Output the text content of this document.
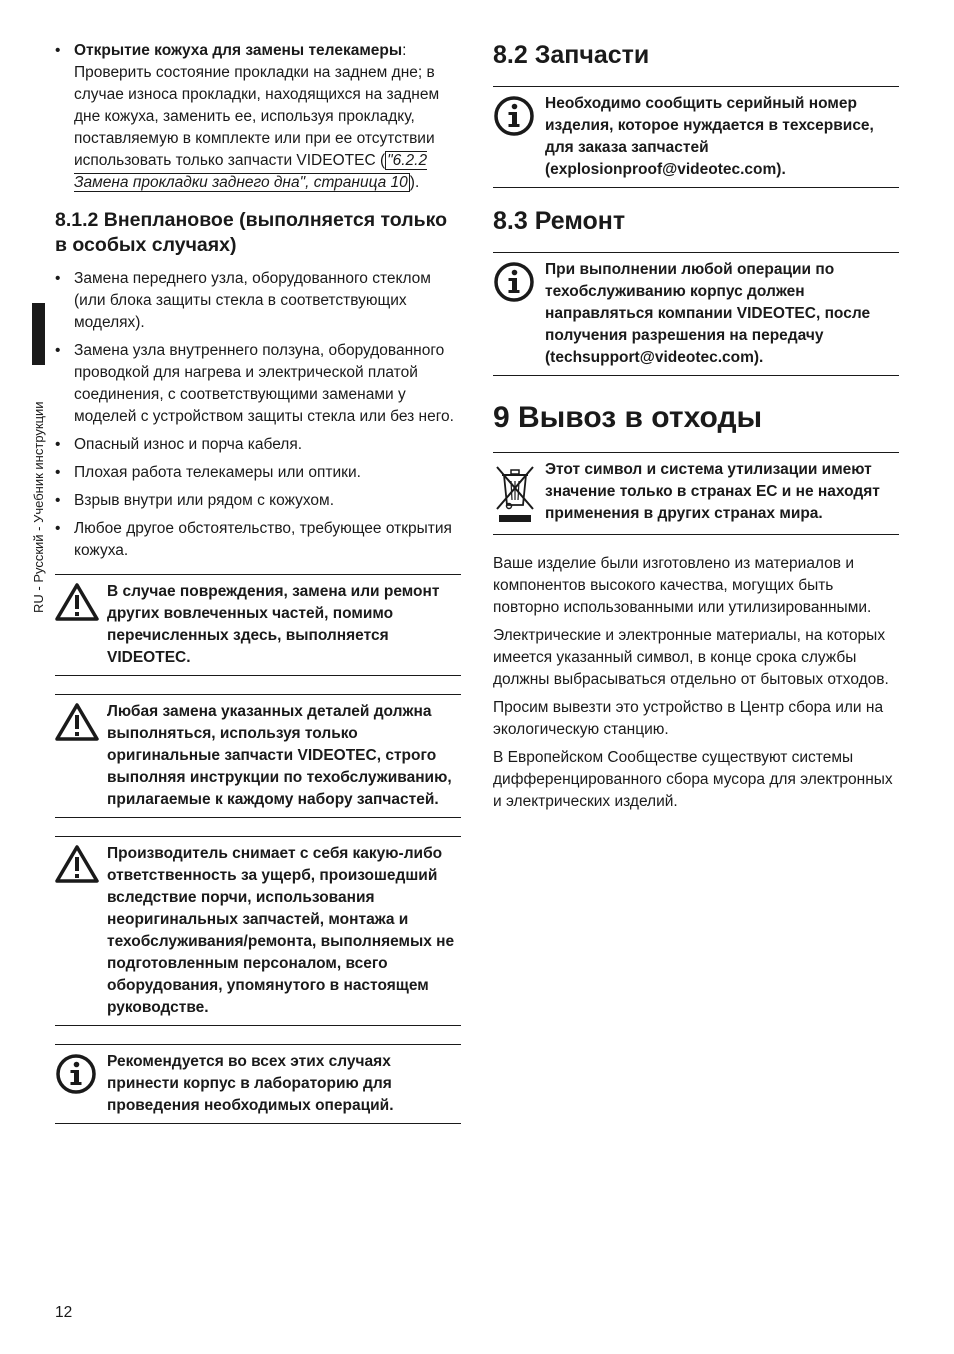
RU - Русский - Учебник инструкции
• Открытие кожуха для замены телекамеры: Проверить состояние прокладки на заднем дне; в случае износа прокладки, находящихся на заднем дне кожуха, заменить ее, используя прокладку, поставляемую в комплекте или при ее отсутствии использовать только запчасти VIDEOTEC ( "6.2.2 Замена прокладки заднего дна", страница 10 ).
8.1.2 Внеплановое (выполняется только в особых случаях)
• Замена переднего узла, оборудованного стеклом (или блока защиты стекла в соответствующих моделях).
• Замена узла внутреннего ползуна, оборудованного проводкой для нагрева и электрической платой соединения, с соответствующими заменами у моделей с устройством защиты стекла или без него.
• Опасный износ и порча кабеля.
• Плохая работа телекамеры или оптики.
• Взрыв внутри или рядом с кожухом.
• Любое другое обстоятельство, требующее открытия кожуха.
В случае повреждения, замена или ремонт других вовлеченных частей, помимо перечисленных здесь, выполняется VIDEOTEC.
Любая замена указанных деталей должна выполняться, используя только оригинальные запчасти VIDEOTEC, строго выполняя инструкции по техобслуживанию, прилагаемые к каждому набору запчастей.
Производитель снимает с себя какую-либо ответственность за ущерб, произошедший вследствие порчи, использования неоригинальных запчастей, монтажа и техобслуживания/ремонта, выполняемых не подготовленным персоналом, всего оборудования, упомянутого в настоящем руководстве.
Рекомендуется во всех этих случаях принести корпус в лабораторию для проведения необходимых операций.
8.2 Запчасти
Необходимо сообщить серийный номер изделия, которое нуждается в техсервисе, для заказа запчастей (explosionproof@videotec.com).
8.3 Ремонт
При выполнении любой операции по техобслуживанию корпус должен направляться компании VIDEOTEC, после получения разрешения на передачу (techsupport@videotec.com).
9 Вывоз в отходы
Этот символ и система утилизации имеют значение только в странах ЕС и не находят применения в других странах мира.

Ваше изделие были изготовлено из материалов и компонентов высокого качества, могущих быть повторно использованными или утилизированными.

Электрические и электронные материалы, на которых имеется указанный символ, в конце срока службы должны выбрасываться отдельно от бытовых отходов.

Просим вывезти это устройство в Центр сбора или на экологическую станцию.

В Европейском Сообществе существуют системы дифференцированного сбора мусора для электронных и электрических изделий.

12
